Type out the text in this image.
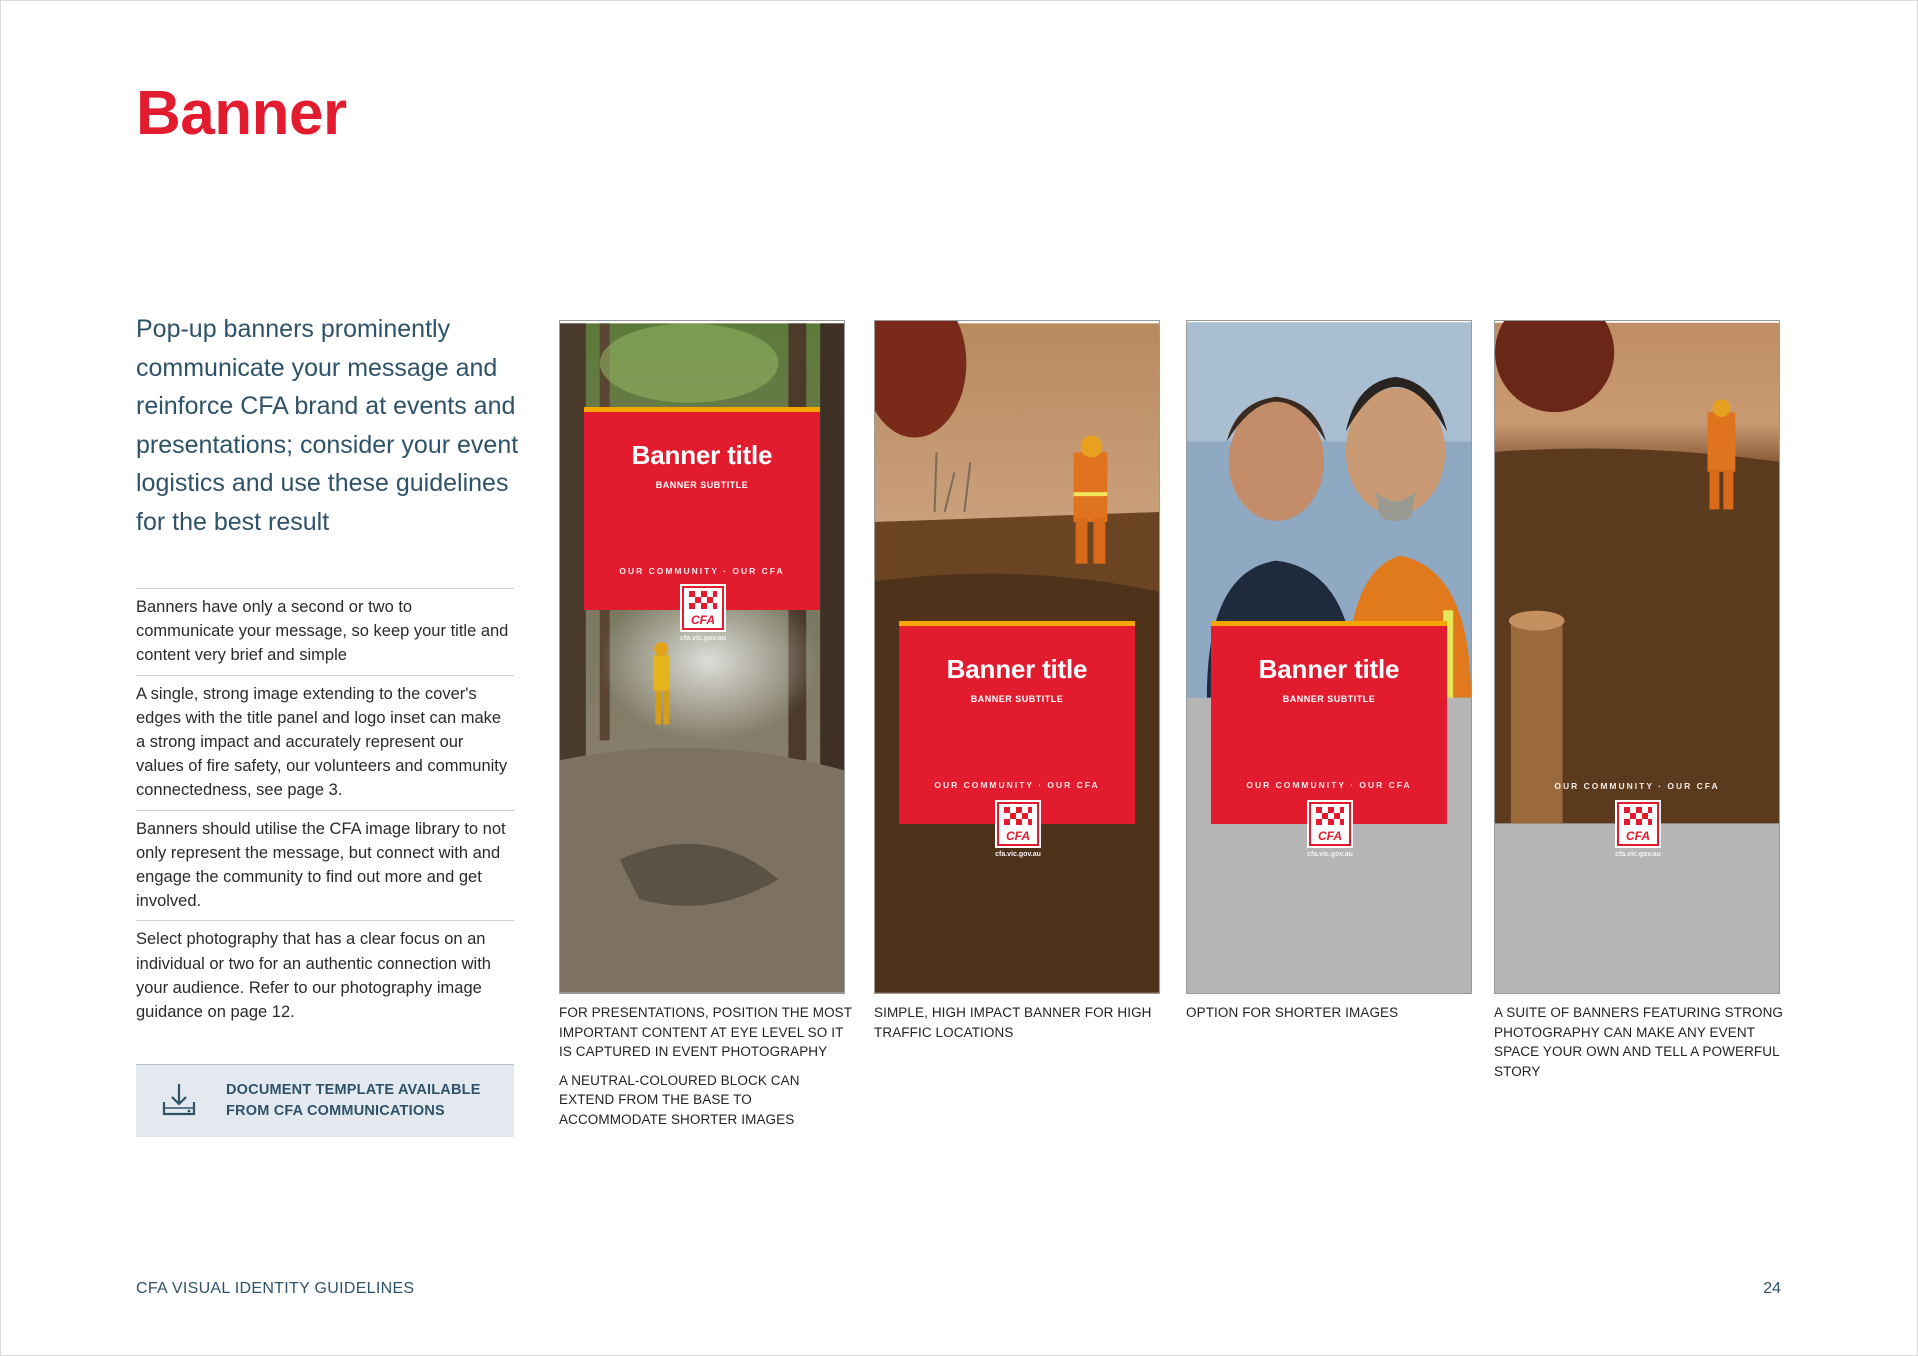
Banner
Pop-up banners prominently communicate your message and reinforce CFA brand at events and presentations; consider your event logistics and use these guidelines for the best result
Banners have only a second or two to communicate your message, so keep your title and content very brief and simple
A single, strong image extending to the cover's edges with the title panel and logo inset can make a strong impact and accurately represent our values of fire safety, our volunteers and community connectedness, see page 3.
Banners should utilise the CFA image library to not only represent the message, but connect with and engage the community to find out more and get involved.
Select photography that has a clear focus on an individual or two for an authentic connection with your audience. Refer to our photography image guidance on page 12.
DOCUMENT TEMPLATE AVAILABLE
FROM CFA COMMUNICATIONS
Banner title
BANNER SUBTITLE
OUR COMMUNITY · OUR CFA
CFA
cfa.vic.gov.au
Banner title
BANNER SUBTITLE
OUR COMMUNITY · OUR CFA
CFA
cfa.vic.gov.au
Banner title
BANNER SUBTITLE
OUR COMMUNITY · OUR CFA
CFA
cfa.vic.gov.au
OUR COMMUNITY · OUR CFA
CFA
cfa.vic.gov.au

FOR PRESENTATIONS, POSITION THE MOST IMPORTANT CONTENT AT EYE LEVEL SO IT IS CAPTURED IN EVENT PHOTOGRAPHY

A NEUTRAL-COLOURED BLOCK CAN EXTEND FROM THE BASE TO ACCOMMODATE SHORTER IMAGES

SIMPLE, HIGH IMPACT BANNER FOR HIGH TRAFFIC LOCATIONS

OPTION FOR SHORTER IMAGES	A SUITE OF BANNERS FEATURING STRONG PHOTOGRAPHY CAN MAKE ANY EVENT SPACE YOUR OWN AND TELL A POWERFUL STORY

CFA VISUAL IDENTITY GUIDELINES	24
